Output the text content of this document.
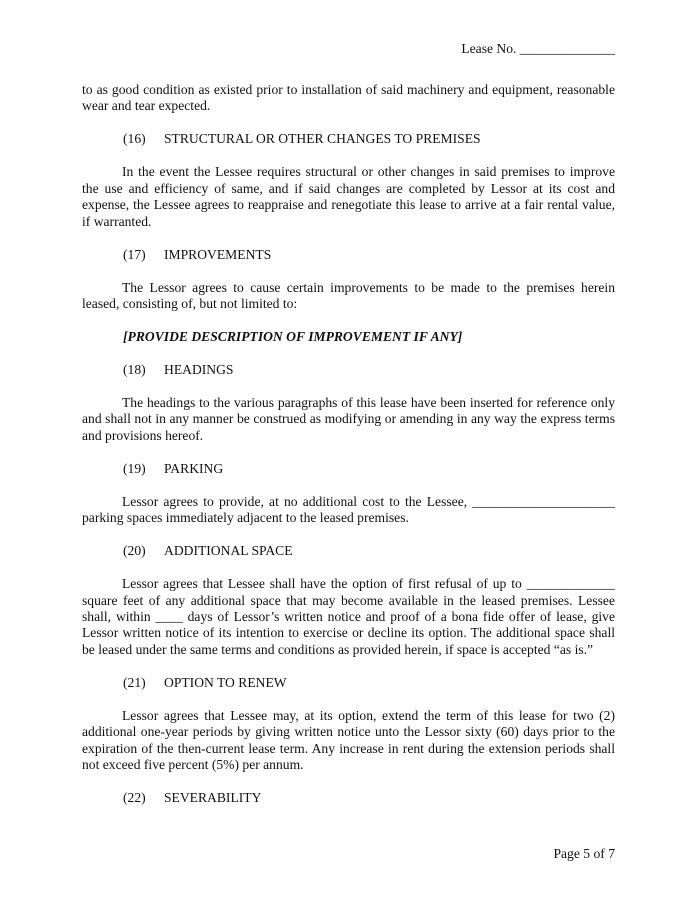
Lease No. ______________

to as good condition as existed prior to installation of said machinery and equipment, reasonable wear and tear expected.

(16) STRUCTURAL OR OTHER CHANGES TO PREMISES

In the event the Lessee requires structural or other changes in said premises to improve the use and efficiency of same, and if said changes are completed by Lessor at its cost and expense, the Lessee agrees to reappraise and renegotiate this lease to arrive at a fair rental value, if warranted.

(17) IMPROVEMENTS

The Lessor agrees to cause certain improvements to be made to the premises herein leased, consisting of, but not limited to:

[PROVIDE DESCRIPTION OF IMPROVEMENT IF ANY]

(18) HEADINGS

The headings to the various paragraphs of this lease have been inserted for reference only and shall not in any manner be construed as modifying or amending in any way the express terms and provisions hereof.

(19) PARKING

Lessor agrees to provide, at no additional cost to the Lessee, _____________________ parking spaces immediately adjacent to the leased premises.

(20) ADDITIONAL SPACE

Lessor agrees that Lessee shall have the option of first refusal of up to _____________ square feet of any additional space that may become available in the leased premises. Lessee shall, within ____ days of Lessor’s written notice and proof of a bona fide offer of lease, give Lessor written notice of its intention to exercise or decline its option. The additional space shall be leased under the same terms and conditions as provided herein, if space is accepted “as is.”

(21) OPTION TO RENEW

Lessor agrees that Lessee may, at its option, extend the term of this lease for two (2) additional one-year periods by giving written notice unto the Lessor sixty (60) days prior to the expiration of the then-current lease term. Any increase in rent during the extension periods shall not exceed five percent (5%) per annum.

(22) SEVERABILITY

Page 5 of 7
